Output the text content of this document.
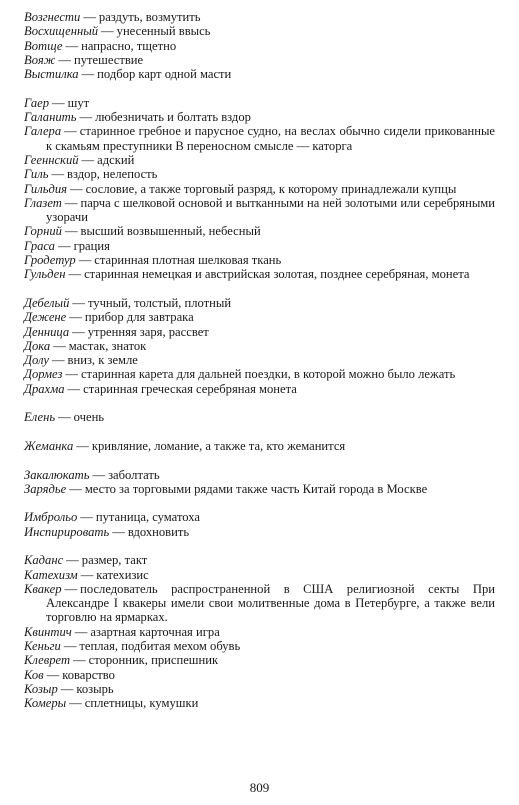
Возгнести — раздуть, возмутить
Восхищенный — унесенный ввысь
Вотще — напрасно, тщетно
Вояж — путешествие
Выстилка — подбор карт одной масти
Гаер — шут
Галанить — любезничать и болтать вздор
Галера — старинное гребное и парусное судно, на веслах обычно сидели прикованные к скамьям преступники В переносном смысле — каторга
Гееннский — адский
Гиль — вздор, нелепость
Гильдия — сословие, а также торговый разряд, к которому принадлежали купцы
Глазет — парча с шелковой основой и вытканными на ней золотыми или серебряными узорачи
Горний — высший возвышенный, небесный
Граса — грация
Гродетур — старинная плотная шелковая ткань
Гульден — старинная немецкая и австрийская золотая, позднее серебряная, монета
Дебелый — тучный, толстый, плотный
Дежене — прибор для завтрака
Денница — утренняя заря, рассвет
Дока — мастак, знаток
Долу — вниз, к земле
Дормез — старинная карета для дальней поездки, в которой можно было лежать
Драхма — старинная греческая серебряная монета
Елень — очень
Жеманка — кривляние, ломание, а также та, кто жеманится
Закалюкать — заболтать
Зарядье — место за торговыми рядами также часть Китай города в Москве
Имброльо — путаница, суматоха
Инспирировать — вдохновить
Каданс — размер, такт
Катехизм — катехизис
Квакер — последователь распространенной в США религиозной секты При Александре I квакеры имели свои молитвенные дома в Петербурге, а также вели торговлю на ярмарках.
Квинтич — азартная карточная игра
Кеньги — теплая, подбитая мехом обувь
Клеврет — сторонник, приспешник
Ков — коварство
Козыр — козырь
Комеры — сплетницы, кумушки
809
